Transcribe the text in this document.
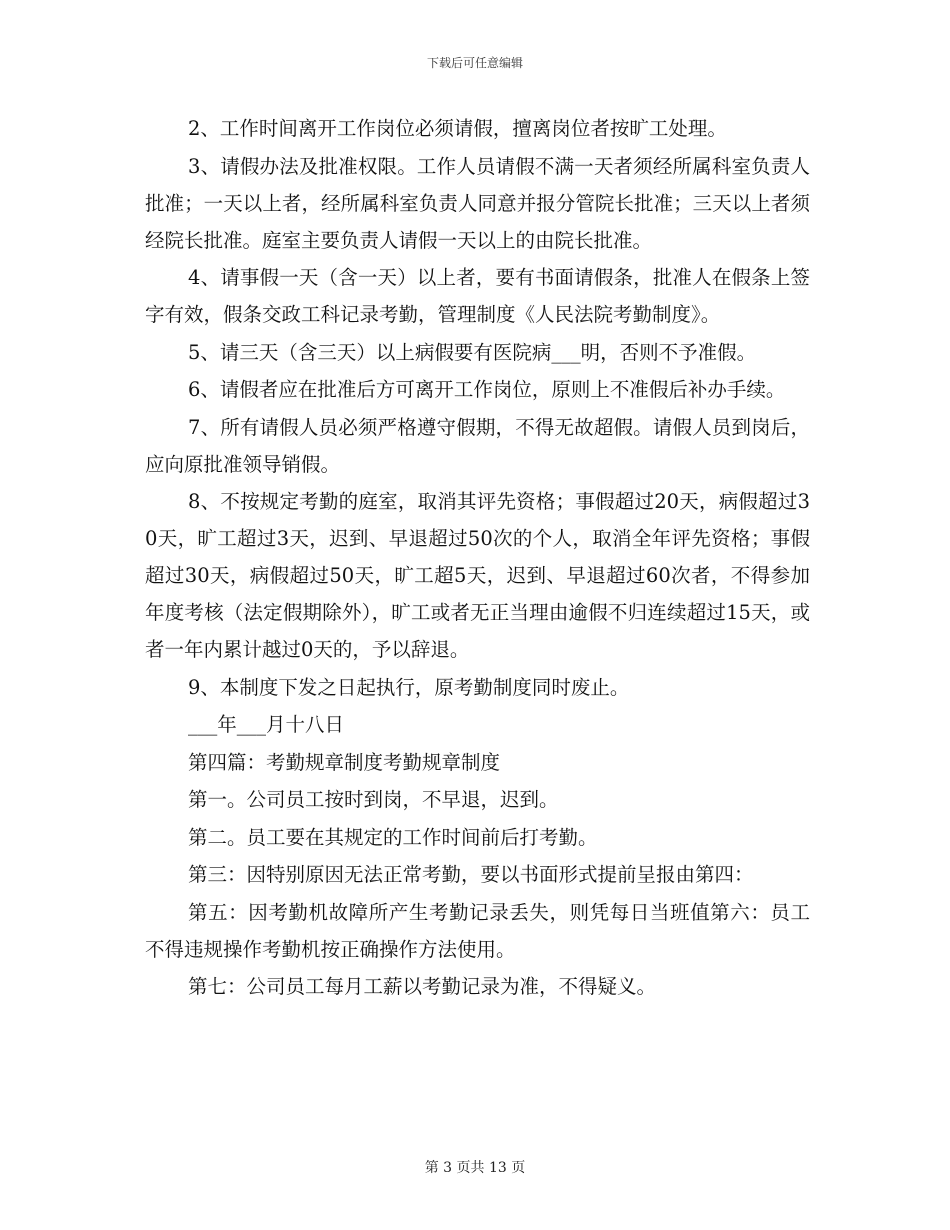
下载后可任意编辑

2、工作时间离开工作岗位必须请假，擅离岗位者按旷工处理。

3、请假办法及批准权限。工作人员请假不满一天者须经所属科室负责人批准；一天以上者，经所属科室负责人同意并报分管院长批准；三天以上者须经院长批准。庭室主要负责人请假一天以上的由院长批准。

4、请事假一天（含一天）以上者，要有书面请假条，批准人在假条上签字有效，假条交政工科记录考勤，管理制度《人民法院考勤制度》。

5、请三天（含三天）以上病假要有医院病___明，否则不予准假。

6、请假者应在批准后方可离开工作岗位，原则上不准假后补办手续。

7、所有请假人员必须严格遵守假期，不得无故超假。请假人员到岗后，应向原批准领导销假。

8、不按规定考勤的庭室，取消其评先资格；事假超过20天，病假超过30天，旷工超过3天，迟到、早退超过50次的个人，取消全年评先资格；事假超过30天，病假超过50天，旷工超5天，迟到、早退超过60次者，不得参加年度考核（法定假期除外），旷工或者无正当理由逾假不归连续超过15天，或者一年内累计越过0天的，予以辞退。

9、本制度下发之日起执行，原考勤制度同时废止。

___年___月十八日

第四篇：考勤规章制度考勤规章制度

第一。公司员工按时到岗，不早退，迟到。

第二。员工要在其规定的工作时间前后打考勤。

第三：因特别原因无法正常考勤，要以书面形式提前呈报由第四：

第五：因考勤机故障所产生考勤记录丢失，则凭每日当班值第六：员工不得违规操作考勤机按正确操作方法使用。

第七：公司员工每月工薪以考勤记录为准，不得疑义。

第 3 页共 13 页
